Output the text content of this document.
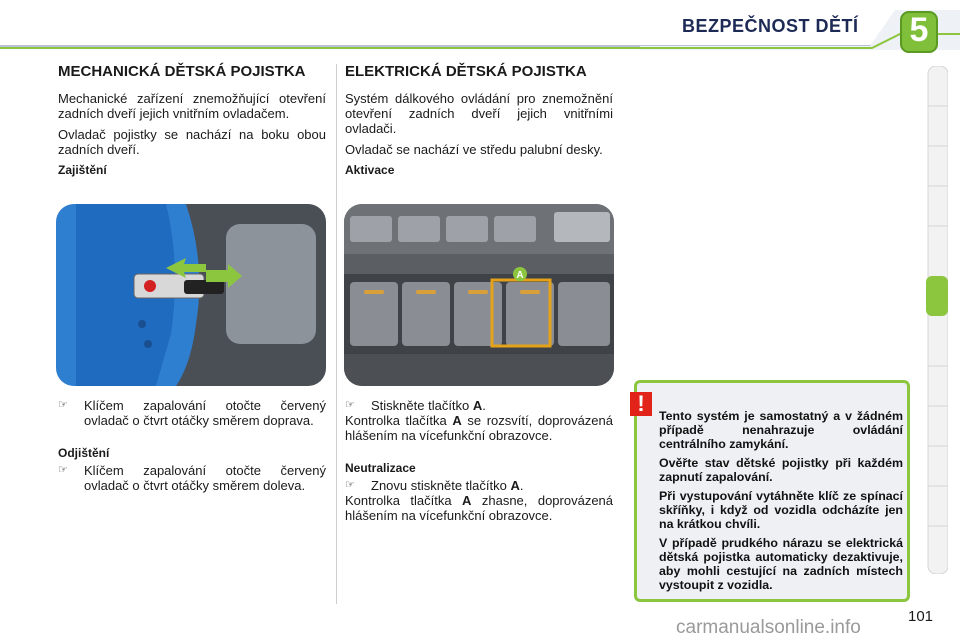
BEZPEČNOST DĚTÍ	5
MECHANICKÁ DĚTSKÁ POJISTKA

Mechanické zařízení znemožňující otevření zadních dveří jejich vnitřním ovladačem.

Ovladač pojistky se nachází na boku obou zadních dveří.

Zajištění
☞	Klíčem zapalování otočte červený ovladač o čtvrt otáčky směrem doprava.
Odjištění
☞	Klíčem zapalování otočte červený ovladač o čtvrt otáčky směrem doleva.
ELEKTRICKÁ DĚTSKÁ POJISTKA

Systém dálkového ovládání pro znemožnění otevření zadních dveří jejich vnitřními ovladači.

Ovladač se nachází ve středu palubní desky.

Aktivace
A
☞	Stiskněte tlačítko A.

Kontrolka tlačítka A se rozsvítí, doprovázená hlášením na vícefunkční obrazovce.

Neutralizace
☞	Znovu stiskněte tlačítko A.

Kontrolka tlačítka A zhasne, doprovázená hlášením na vícefunkční obrazovce.

Tento systém je samostatný a v žádném případě nenahrazuje ovládání centrálního zamykání.

Ověřte stav dětské pojistky při každém zapnutí zapalování.

Při vystupování vytáhněte klíč ze spínací skříňky, i když od vozidla odcházíte jen na krátkou chvíli.

V případě prudkého nárazu se elektrická dětská pojistka automaticky dezaktivuje, aby mohli cestující na zadních místech vystoupit z vozidla.

!
carmanualsonline.info
101
